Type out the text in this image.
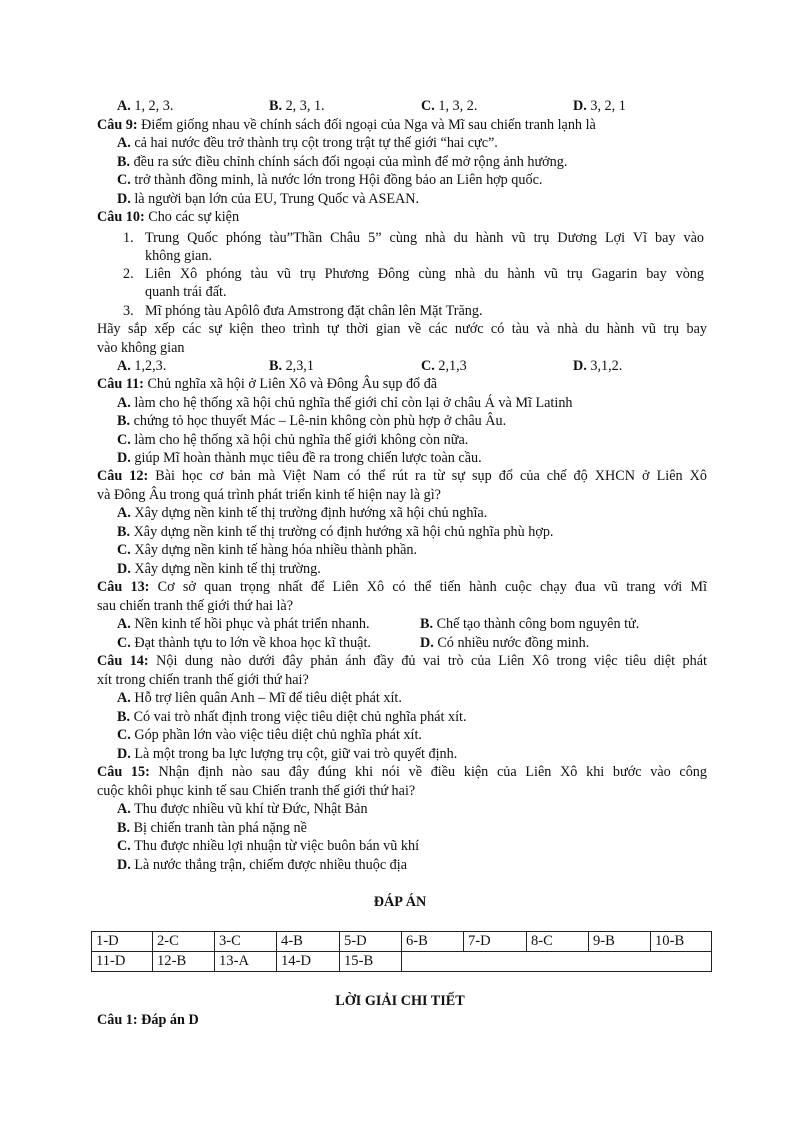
A. 1, 2, 3.	B. 2, 3, 1.	C. 1, 3, 2.	D. 3, 2, 1
Câu 9: Điểm giống nhau về chính sách đối ngoại của Nga và Mĩ sau chiến tranh lạnh là
A. cả hai nước đều trở thành trụ cột trong trật tự thế giới “hai cực”.
B. đều ra sức điều chỉnh chính sách đối ngoại của mình để mở rộng ảnh hưởng.
C. trở thành đồng minh, là nước lớn trong Hội đồng bảo an Liên hợp quốc.
D. là người bạn lớn của EU, Trung Quốc và ASEAN.
Câu 10: Cho các sự kiện
1. Trung Quốc phóng tàu”Thần Châu 5” cùng nhà du hành vũ trụ Dương Lợi Vĩ bay vào
không gian.
2. Liên Xô phóng tàu vũ trụ Phương Đông cùng nhà du hành vũ trụ Gagarin bay vòng
quanh trái đất.
3. Mĩ phóng tàu Apôlô đưa Amstrong đặt chân lên Mặt Trăng.
Hãy sắp xếp các sự kiện theo trình tự thời gian về các nước có tàu và nhà du hành vũ trụ bay
vào không gian
A. 1,2,3.	B. 2,3,1	C. 2,1,3	D. 3,1,2.
Câu 11: Chủ nghĩa xã hội ở Liên Xô và Đông Âu sụp đổ đã
A. làm cho hệ thống xã hội chủ nghĩa thế giới chỉ còn lại ở châu Á và Mĩ Latinh
B. chứng tỏ học thuyết Mác – Lê-nin không còn phù hợp ở châu Âu.
C. làm cho hệ thống xã hội chủ nghĩa thế giới không còn nữa.
D. giúp Mĩ hoàn thành mục tiêu đề ra trong chiến lược toàn cầu.
Câu 12: Bài học cơ bản mà Việt Nam có thể rút ra từ sự sụp đổ của chế độ XHCN ở Liên Xô
và Đông Âu trong quá trình phát triển kinh tế hiện nay là gì?
A. Xây dựng nền kinh tế thị trường định hướng xã hội chủ nghĩa.
B. Xây dựng nền kinh tế thị trường có định hướng xã hội chủ nghĩa phù hợp.
C. Xây dựng nền kinh tế hàng hóa nhiều thành phần.
D. Xây dựng nền kinh tế thị trường.
Câu 13: Cơ sở quan trọng nhất để Liên Xô có thể tiến hành cuộc chạy đua vũ trang với Mĩ
sau chiến tranh thế giới thứ hai là?
A. Nền kinh tế hồi phục và phát triển nhanh.	B. Chế tạo thành công bom nguyên tử.
C. Đạt thành tựu to lớn về khoa học kĩ thuật.	D. Có nhiều nước đồng minh.
Câu 14: Nội dung nào dưới đây phản ánh đầy đủ vai trò của Liên Xô trong việc tiêu diệt phát
xít trong chiến tranh thế giới thứ hai?
A. Hỗ trợ liên quân Anh – Mĩ để tiêu diệt phát xít.
B. Có vai trò nhất định trong việc tiêu diệt chủ nghĩa phát xít.
C. Góp phần lớn vào việc tiêu diệt chủ nghĩa phát xít.
D. Là một trong ba lực lượng trụ cột, giữ vai trò quyết định.
Câu 15: Nhận định nào sau đây đúng khi nói về điều kiện của Liên Xô khi bước vào công
cuộc khôi phục kinh tế sau Chiến tranh thế giới thứ hai?
A. Thu được nhiều vũ khí từ Đức, Nhật Bản
B. Bị chiến tranh tàn phá nặng nề
C. Thu được nhiều lợi nhuận từ việc buôn bán vũ khí
D. Là nước thắng trận, chiếm được nhiều thuộc địa
ĐÁP ÁN
1-D	2-C	3-C	4-B	5-D	6-B	7-D	8-C	9-B	10-B
11-D	12-B	13-A	14-D	15-B					
LỜI GIẢI CHI TIẾT
Câu 1: Đáp án D
